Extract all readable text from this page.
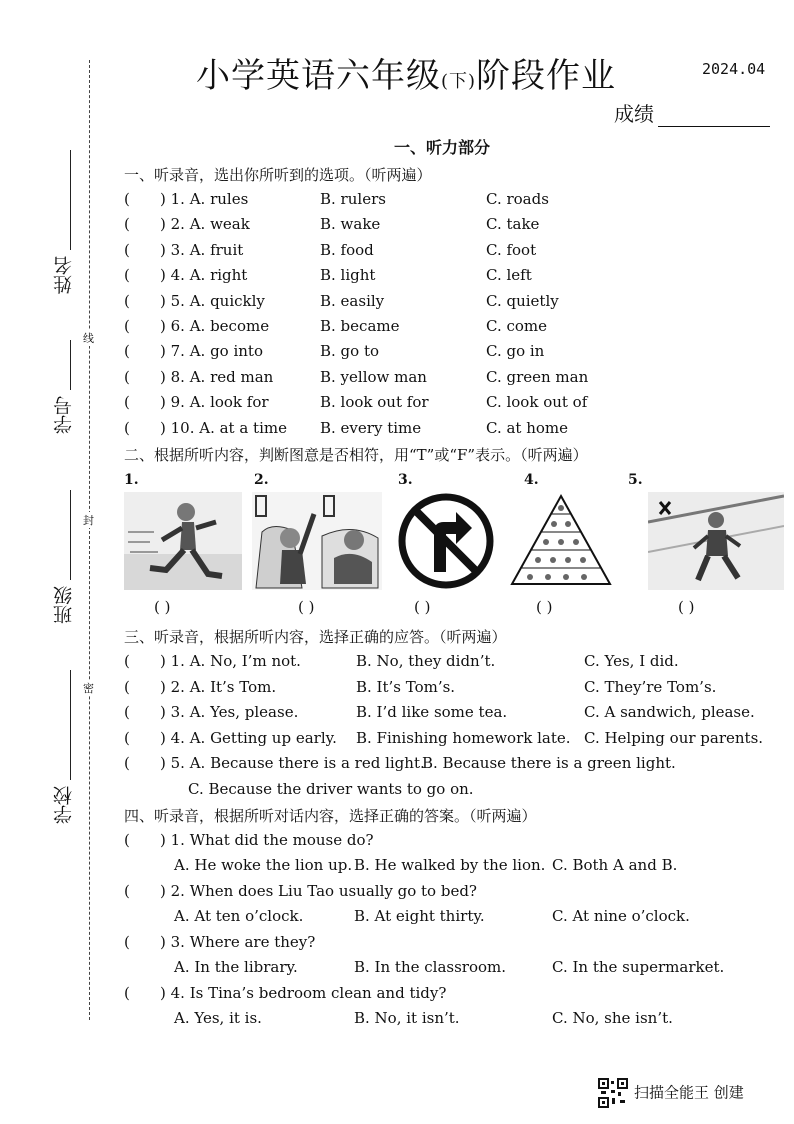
小学英语六年级(下)阶段作业	2024.04
成绩
姓名
学号
班级
学校
线
封
密
一、听力部分
一、听录音，选出你所听到的选项。（听两遍）
( ) 1. A. rules	B. rulers	C. roads
( ) 2. A. weak	B. wake	C. take
( ) 3. A. fruit	B. food	C. foot
( ) 4. A. right	B. light	C. left
( ) 5. A. quickly	B. easily	C. quietly
( ) 6. A. become	B. became	C. come
( ) 7. A. go into	B. go to	C. go in
( ) 8. A. red man	B. yellow man	C. green man
( ) 9. A. look for	B. look out for	C. look out of
( ) 10. A. at a time B. every time	C. at home
二、根据所听内容，判断图意是否相符，用“T”或“F”表示。（听两遍）
1.	2.	3.	4.	5.
( )	( )	( )	( )	( )
三、听录音，根据所听内容，选择正确的应答。（听两遍）
( ) 1. A. No, I’m not.	B. No, they didn’t.	C. Yes, I did.
( ) 2. A. It’s Tom.	B. It’s Tom’s.	C. They’re Tom’s.
( ) 3. A. Yes, please.	B. I’d like some tea.	C. A sandwich, please.
( ) 4. A. Getting up early. B. Finishing homework late. C. Helping our parents.
( ) 5. A. Because there is a red light.
B. Because there is a green light.
C. Because the driver wants to go on.
四、听录音，根据所听对话内容，选择正确的答案。（听两遍）
( ) 1. What did the mouse do?
A. He woke the lion up. B. He walked by the lion. C. Both A and B.
( ) 2. When does Liu Tao usually go to bed?
A. At ten o’clock.	B. At eight thirty.	C. At nine o’clock.
( ) 3. Where are they?
A. In the library.	B. In the classroom.	C. In the supermarket.
( ) 4. Is Tina’s bedroom clean and tidy?
A. Yes, it is.	B. No, it isn’t.	C. No, she isn’t.
扫描全能王 创建
